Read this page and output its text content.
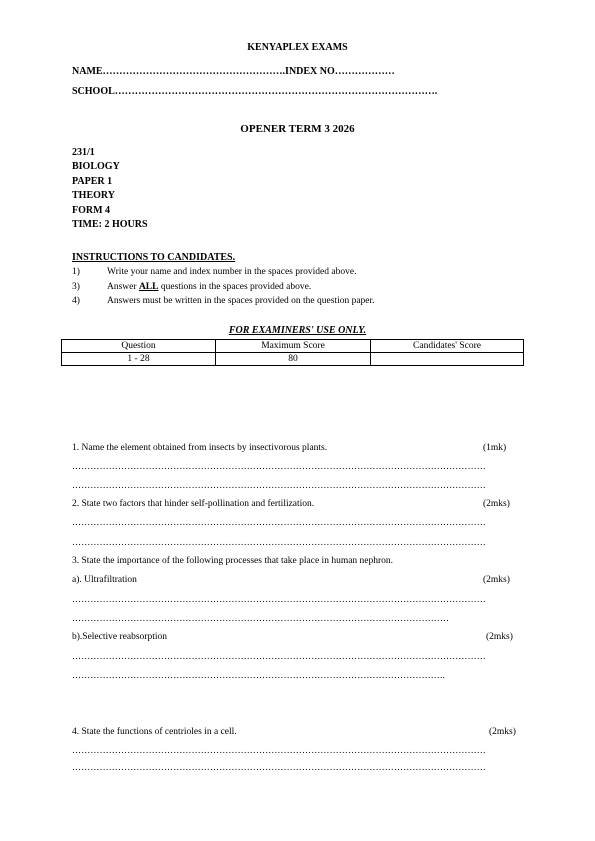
KENYAPLEX EXAMS
NAME……………………………………………….INDEX NO………………
SCHOOL…………………………………………………………………………………….
OPENER TERM 3 2026
231/1
BIOLOGY
PAPER 1
THEORY
FORM 4
TIME: 2 HOURS
INSTRUCTIONS TO CANDIDATES.
1)	Write your name and index number in the spaces provided above.
3)	Answer ALL questions in the spaces provided above.
4)	Answers must be written in the spaces provided on the question paper.
FOR EXAMINERS' USE ONLY.
Question	Maximum Score	Candidates' Score
1 - 28	80	
1. Name the element obtained from insects by insectivorous plants.	(1mk)
………………………………………………………………………………………………………………………
………………………………………………………………………………………………………………………
2. State two factors that hinder self-pollination and fertilization.	(2mks)
………………………………………………………………………………………………………………………
………………………………………………………………………………………………………………………
3. State the importance of the following processes that take place in human nephron.
a). Ultrafiltration	(2mks)
………………………………………………………………………………………………………………………
……………………………………………………………………………………………………………
b).Selective reabsorption	(2mks)
………………………………………………………………………………………………………………………
…………………………………………………………………………………………………………..
4. State the functions of centrioles in a cell.	(2mks)
………………………………………………………………………………………………………………………
………………………………………………………………………………………………………………………
